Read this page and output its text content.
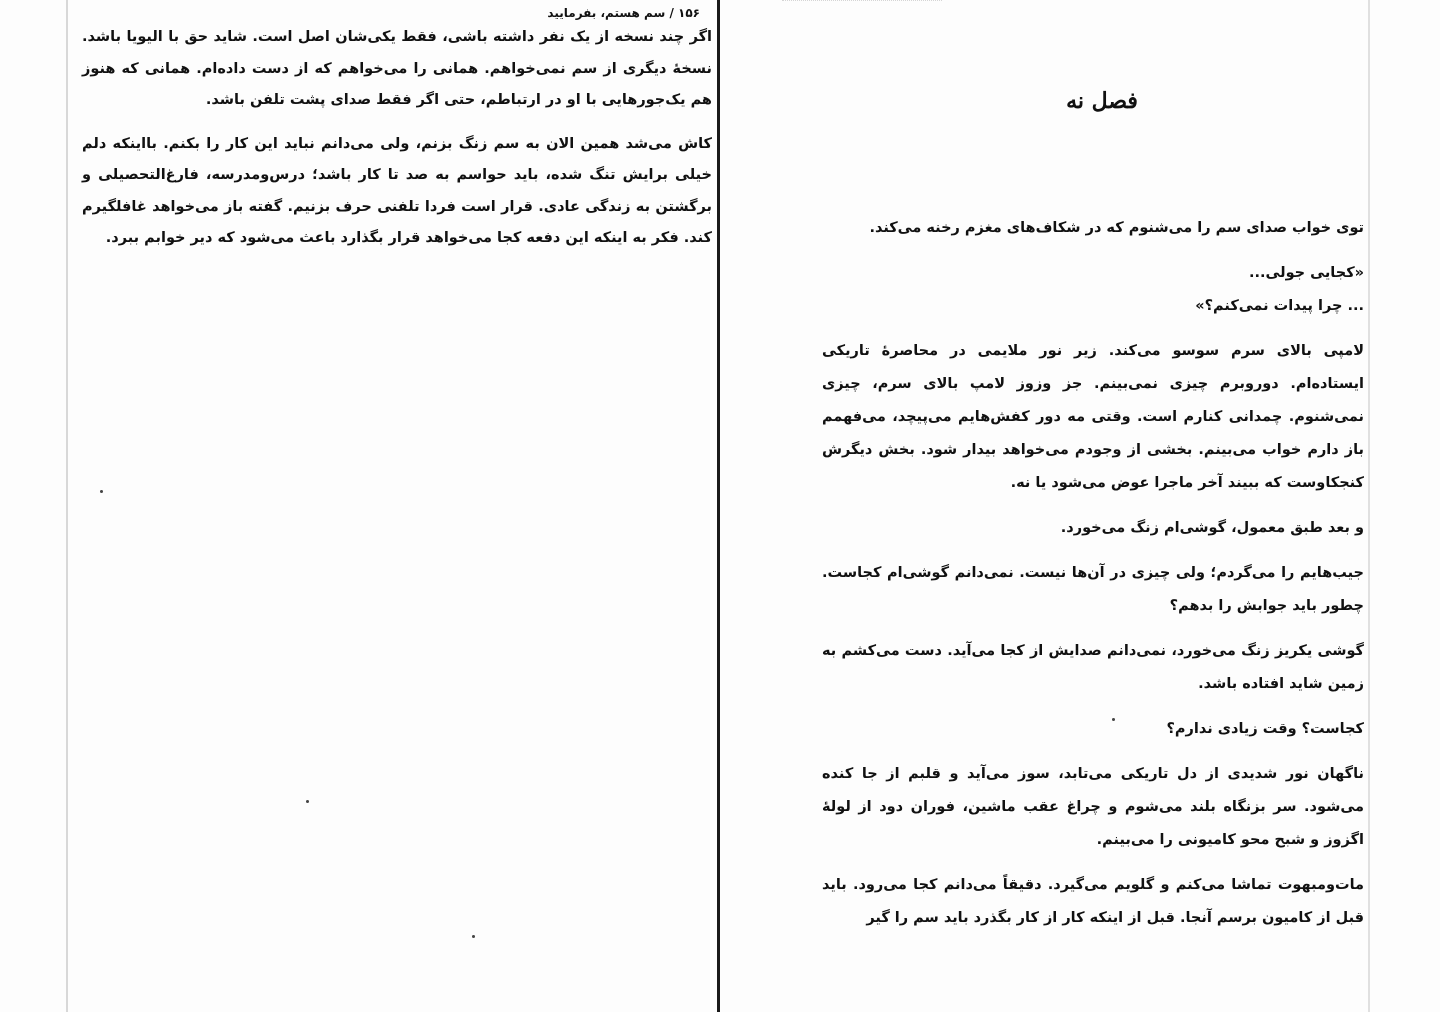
۱۵۶ / سم هستم، بفرمایید

اگر چند نسخه از یک نفر داشته باشی، فقط یکی‌شان اصل است. شاید حق با الیویا باشد. نسخهٔ دیگری از سم نمی‌خواهم. همانی را می‌خواهم که از دست داده‌ام. همانی که هنوز هم یک‌جورهایی با او در ارتباطم، حتی اگر فقط صدای پشت تلفن باشد.

کاش می‌شد همین الان به سم زنگ بزنم، ولی می‌دانم نباید این کار را بکنم. بااینکه دلم خیلی برایش تنگ شده، باید حواسم به صد تا کار باشد؛ درس‌ومدرسه، فارغ‌التحصیلی و برگشتن به زندگی عادی. قرار است فردا تلفنی حرف بزنیم. گفته باز می‌خواهد غافلگیرم کند. فکر به اینکه این دفعه کجا می‌خواهد قرار بگذارد باعث می‌شود که دیر خوابم ببرد.

فصل نه

توی خواب صدای سم را می‌شنوم که در شکاف‌های مغزم رخنه می‌کند.

«کجایی جولی...

... چرا پیدات نمی‌کنم؟»

لامپی بالای سرم سوسو می‌کند. زیر نور ملایمی در محاصرهٔ تاریکی ایستاده‌ام. دوروبرم چیزی نمی‌بینم. جز وزوز لامپ بالای سرم، چیزی نمی‌شنوم. چمدانی کنارم است. وقتی مه دور کفش‌هایم می‌پیچد، می‌فهمم باز دارم خواب می‌بینم. بخشی از وجودم می‌خواهد بیدار شود. بخش دیگرش کنجکاوست که ببیند آخر ماجرا عوض می‌شود یا نه.

و بعد طبق معمول، گوشی‌ام زنگ می‌خورد.

جیب‌هایم را می‌گردم؛ ولی چیزی در آن‌ها نیست. نمی‌دانم گوشی‌ام کجاست. چطور باید جوابش را بدهم؟

گوشی یکریز زنگ می‌خورد، نمی‌دانم صدایش از کجا می‌آید. دست می‌کشم به زمین شاید افتاده باشد.

کجاست؟ وقت زیادی ندارم؟

ناگهان نور شدیدی از دل تاریکی می‌تابد، سوز می‌آید و قلبم از جا کنده می‌شود. سر بزنگاه بلند می‌شوم و چراغ عقب ماشین، فوران دود از لولهٔ اگزوز و شبح محو کامیونی را می‌بینم.

مات‌ومبهوت تماشا می‌کنم و گلویم می‌گیرد. دقیقاً می‌دانم کجا می‌رود. باید قبل از کامیون برسم آنجا. قبل از اینکه کار از کار بگذرد باید سم را گیر
